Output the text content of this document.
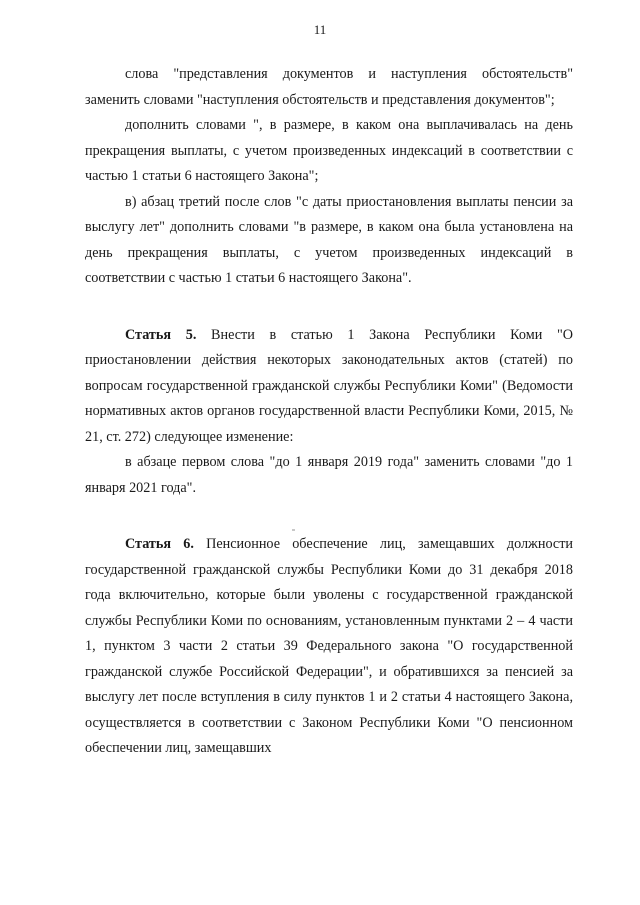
11

слова "представления документов и наступления обстоятельств" заменить словами "наступления обстоятельств и представления документов";

дополнить словами ", в размере, в каком она выплачивалась на день прекращения выплаты, с учетом произведенных индексаций в соответствии с частью 1 статьи 6 настоящего Закона";

в) абзац третий после слов "с даты приостановления выплаты пенсии за выслугу лет" дополнить словами "в размере, в каком она была установлена на день прекращения выплаты, с учетом произведенных индексаций в соответствии с частью 1 статьи 6 настоящего Закона".

Статья 5. Внести в статью 1 Закона Республики Коми "О приостановлении действия некоторых законодательных актов (статей) по вопросам государственной гражданской службы Республики Коми" (Ведомости нормативных актов органов государственной власти Республики Коми, 2015, № 21, ст. 272) следующее изменение:

в абзаце первом слова "до 1 января 2019 года" заменить словами "до 1 января 2021 года".

Статья 6. Пенсионное обеспечение лиц, замещавших должности государственной гражданской службы Республики Коми до 31 декабря 2018 года включительно, которые были уволены с государственной гражданской службы Республики Коми по основаниям, установленным пунктами 2 – 4 части 1, пунктом 3 части 2 статьи 39 Федерального закона "О государственной гражданской службе Российской Федерации", и обратившихся за пенсией за выслугу лет после вступления в силу пунктов 1 и 2 статьи 4 настоящего Закона, осуществляется в соответствии с Законом Республики Коми "О пенсионном обеспечении лиц, замещавших
